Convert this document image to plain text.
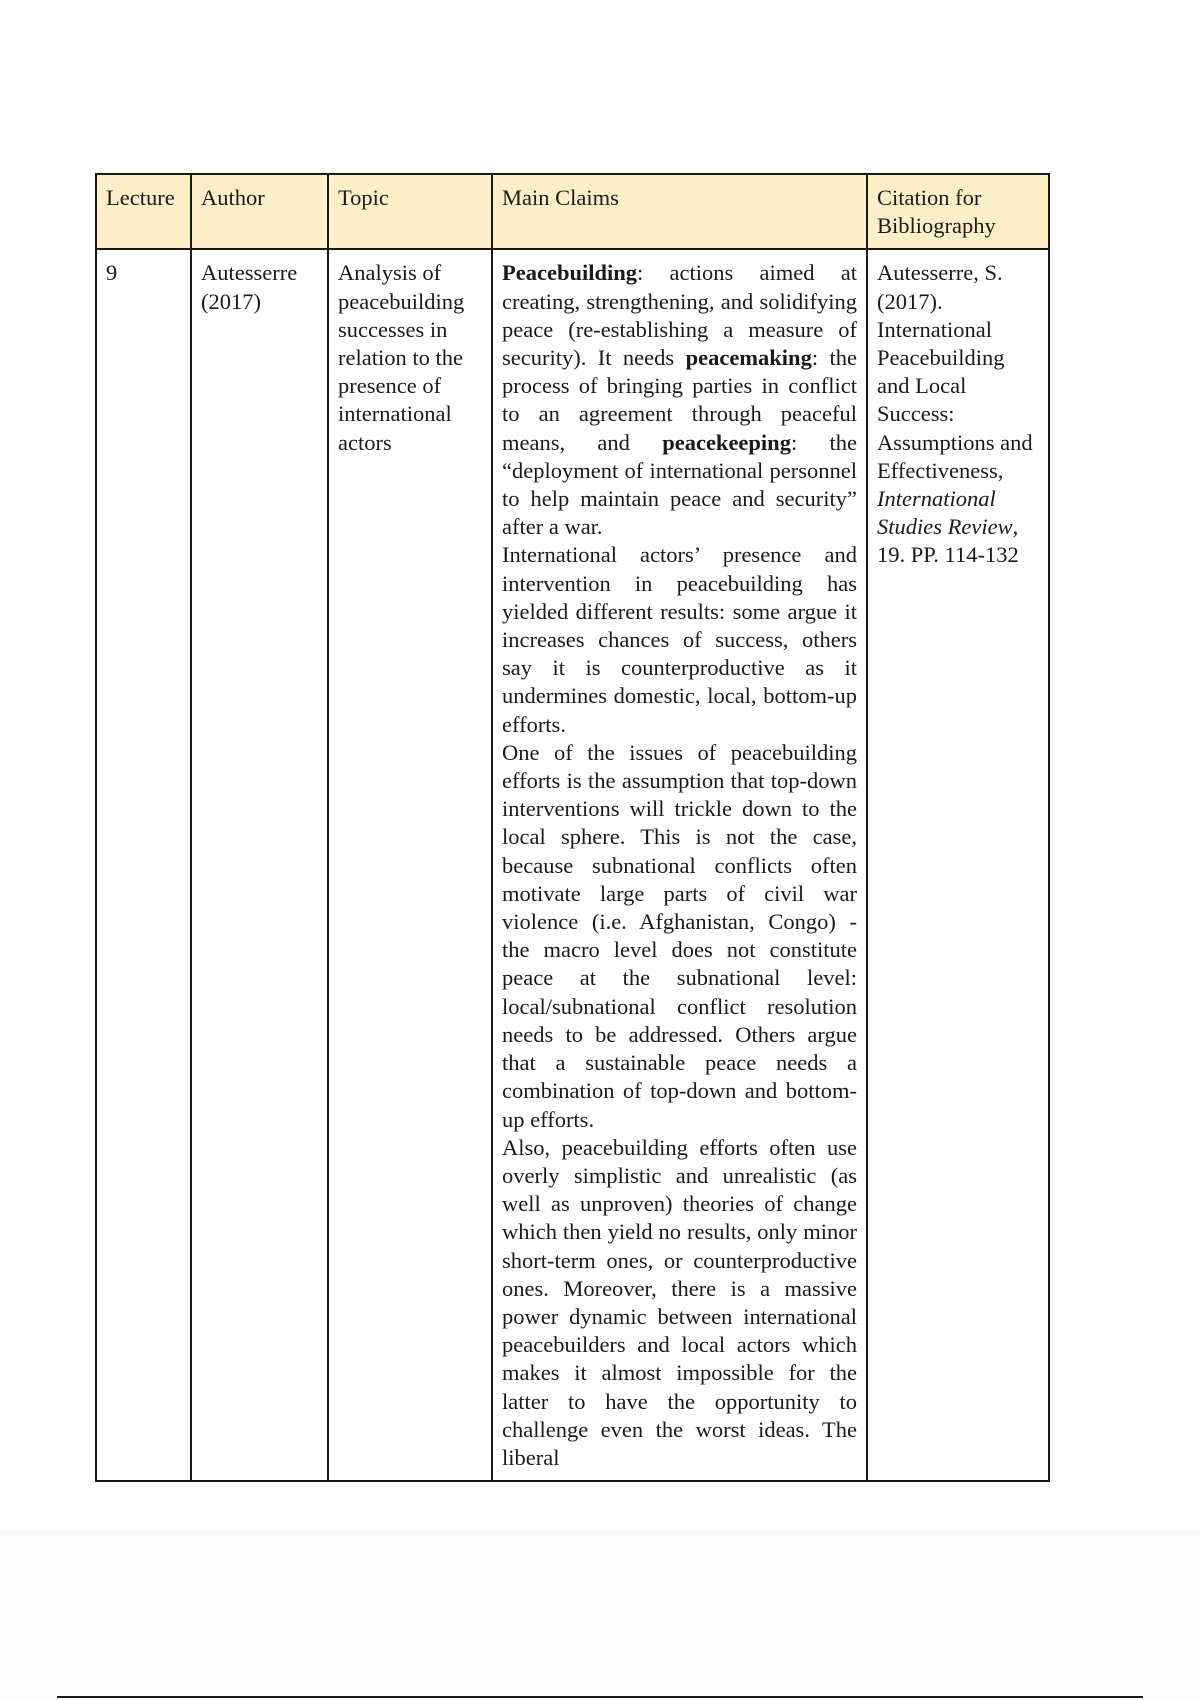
Lecture	Author	Topic	Main Claims	Citation for Bibliography
9	Autesserre (2017)	Analysis of peacebuilding successes in relation to the presence of international actors	Peacebuilding: actions aimed at creating, strengthening, and solidifying peace (re-establishing a measure of security). It needs peacemaking: the process of bringing parties in conflict to an agreement through peaceful means, and peacekeeping: the “deployment of international personnel to help maintain peace and security” after a war.

International actors’ presence and intervention in peacebuilding has yielded different results: some argue it increases chances of success, others say it is counterproductive as it undermines domestic, local, bottom-up efforts.

One of the issues of peacebuilding efforts is the assumption that top-down interventions will trickle down to the local sphere. This is not the case, because subnational conflicts often motivate large parts of civil war violence (i.e. Afghanistan, Congo) - the macro level does not constitute peace at the subnational level: local/subnational conflict resolution needs to be addressed. Others argue that a sustainable peace needs a combination of top-down and bottom-up efforts.

Also, peacebuilding efforts often use overly simplistic and unrealistic (as well as unproven) theories of change which then yield no results, only minor short-term ones, or counterproductive ones. Moreover, there is a massive power dynamic between international peacebuilders and local actors which makes it almost impossible for the latter to have the opportunity to challenge even the worst ideas. The liberal	Autesserre, S. (2017). International Peacebuilding and Local Success: Assumptions and Effectiveness, International Studies Review, 19. PP. 114-132
